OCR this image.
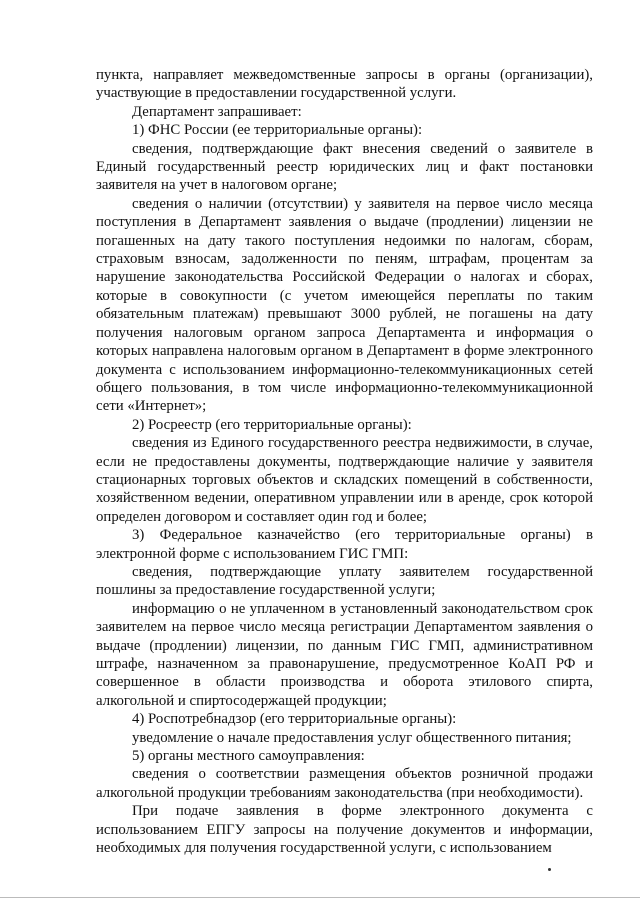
пункта, направляет межведомственные запросы в органы (организации), участвующие в предоставлении государственной услуги.

Департамент запрашивает:

1) ФНС России (ее территориальные органы):

сведения, подтверждающие факт внесения сведений о заявителе в Единый государственный реестр юридических лиц и факт постановки заявителя на учет в налоговом органе;

сведения о наличии (отсутствии) у заявителя на первое число месяца поступления в Департамент заявления о выдаче (продлении) лицензии не погашенных на дату такого поступления недоимки по налогам, сборам, страховым взносам, задолженности по пеням, штрафам, процентам за нарушение законодательства Российской Федерации о налогах и сборах, которые в совокупности (с учетом имеющейся переплаты по таким обязательным платежам) превышают 3000 рублей, не погашены на дату получения налоговым органом запроса Департамента и информация о которых направлена налоговым органом в Департамент в форме электронного документа с использованием информационно-телекоммуникационных сетей общего пользования, в том числе информационно-телекоммуникационной сети «Интернет»;

2) Росреестр (его территориальные органы):

сведения из Единого государственного реестра недвижимости, в случае, если не предоставлены документы, подтверждающие наличие у заявителя стационарных торговых объектов и складских помещений в собственности, хозяйственном ведении, оперативном управлении или в аренде, срок которой определен договором и составляет один год и более;

3) Федеральное казначейство (его территориальные органы) в электронной форме с использованием ГИС ГМП:

сведения, подтверждающие уплату заявителем государственной пошлины за предоставление государственной услуги;

информацию о не уплаченном в установленный законодательством срок заявителем на первое число месяца регистрации Департаментом заявления о выдаче (продлении) лицензии, по данным ГИС ГМП, административном штрафе, назначенном за правонарушение, предусмотренное КоАП РФ и совершенное в области производства и оборота этилового спирта, алкогольной и спиртосодержащей продукции;

4) Роспотребнадзор (его территориальные органы):

уведомление о начале предоставления услуг общественного питания;

5) органы местного самоуправления:

сведения о соответствии размещения объектов розничной продажи алкогольной продукции требованиям законодательства (при необходимости).

При подаче заявления в форме электронного документа с использованием ЕПГУ запросы на получение документов и информации, необходимых для получения государственной услуги, с использованием
